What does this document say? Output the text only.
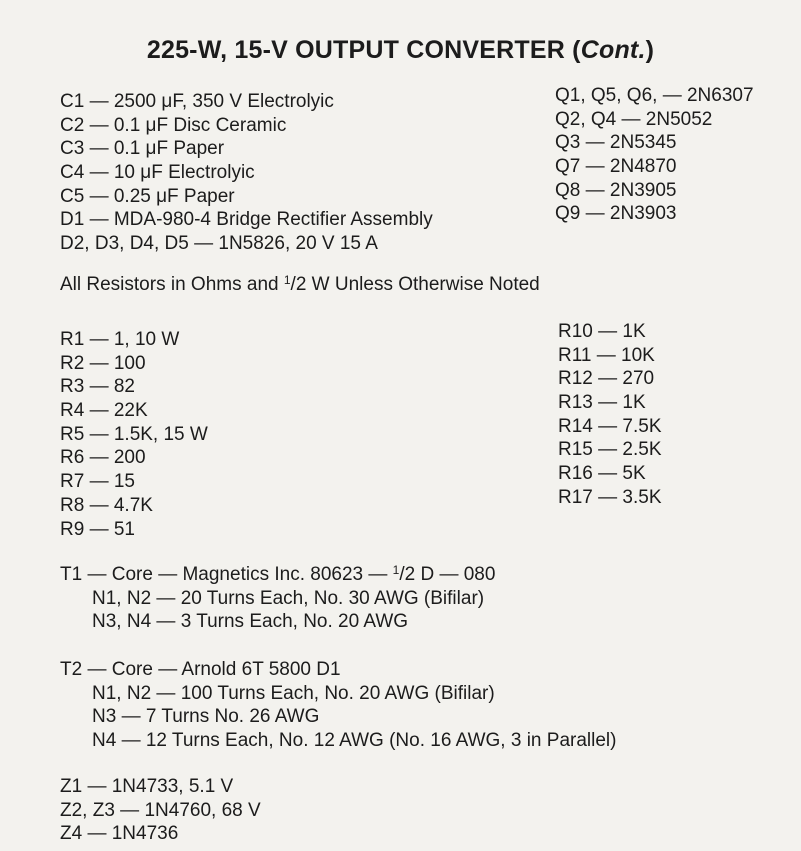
225-W, 15-V OUTPUT CONVERTER (Cont.)
C1 — 2500 μF, 350 V Electrolyic
C2 — 0.1 μF Disc Ceramic
C3 — 0.1 μF Paper
C4 — 10 μF Electrolyic
C5 — 0.25 μF Paper
D1 — MDA-980-4 Bridge Rectifier Assembly
D2, D3, D4, D5 — 1N5826, 20 V 15 A
Q1, Q5, Q6, — 2N6307
Q2, Q4 — 2N5052
Q3 — 2N5345
Q7 — 2N4870
Q8 — 2N3905
Q9 — 2N3903
All Resistors in Ohms and $^1$/2 W Unless Otherwise Noted
R1 — 1, 10 W
R2 — 100
R3 — 82
R4 — 22K
R5 — 1.5K, 15 W
R6 — 200
R7 — 15
R8 — 4.7K
R9 — 51
R10 — 1K
R11 — 10K
R12 — 270
R13 — 1K
R14 — 7.5K
R15 — 2.5K
R16 — 5K
R17 — 3.5K
T1 — Core — Magnetics Inc. 80623 — $^1$/2 D — 080
N1, N2 — 20 Turns Each, No. 30 AWG (Bifilar)
N3, N4 — 3 Turns Each, No. 20 AWG
T2 — Core — Arnold 6T 5800 D1
N1, N2 — 100 Turns Each, No. 20 AWG (Bifilar)
N3 — 7 Turns No. 26 AWG
N4 — 12 Turns Each, No. 12 AWG (No. 16 AWG, 3 in Parallel)
Z1 — 1N4733, 5.1 V
Z2, Z3 — 1N4760, 68 V
Z4 — 1N4736
